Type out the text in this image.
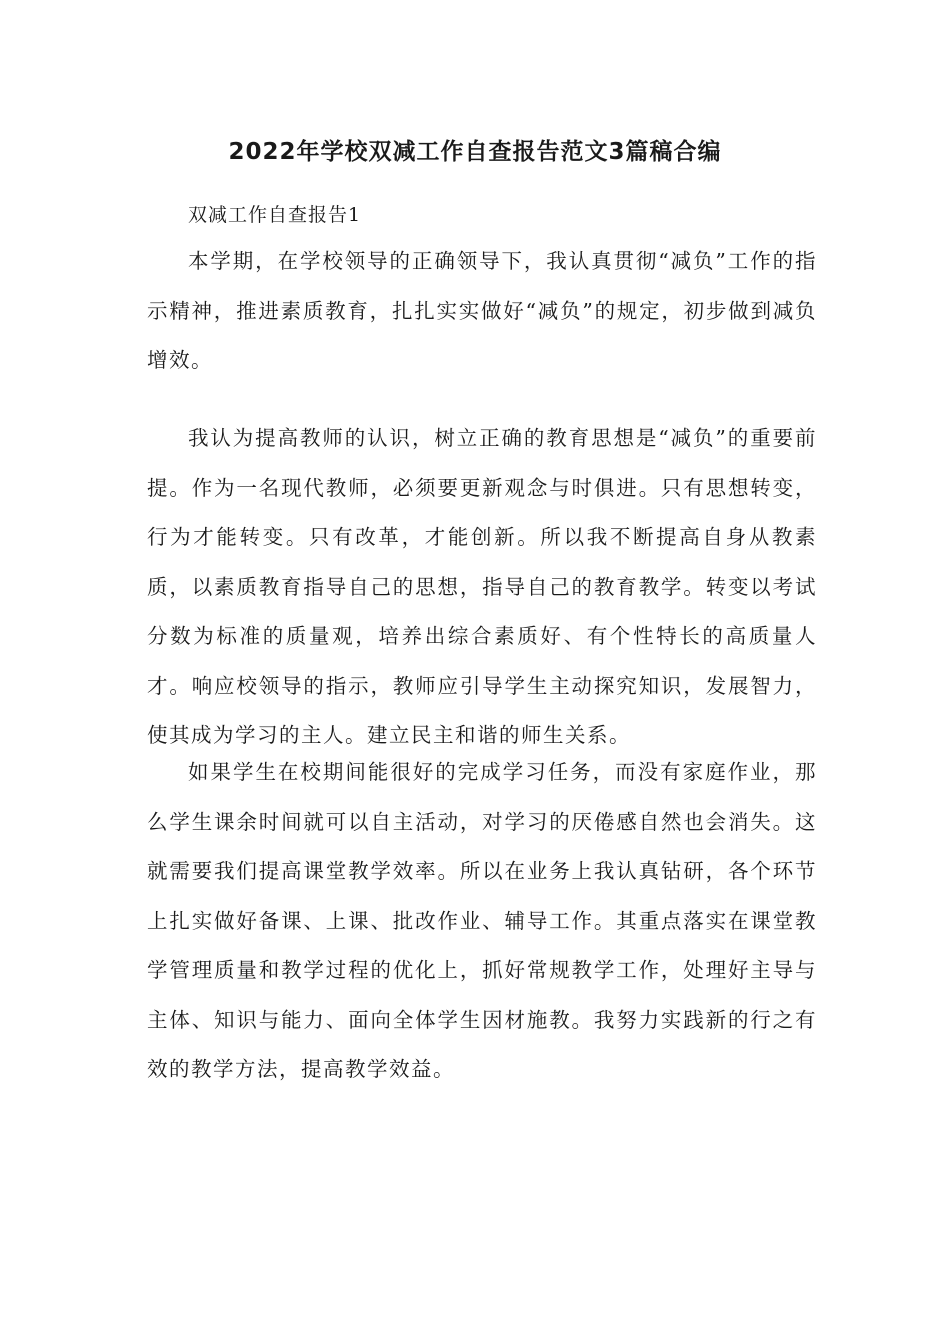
2022年学校双减工作自查报告范文3篇稿合编
双减工作自查报告1

本学期，在学校领导的正确领导下，我认真贯彻“减负”工作的指示精神，推进素质教育，扎扎实实做好“减负”的规定，初步做到减负增效。

我认为提高教师的认识，树立正确的教育思想是“减负”的重要前提。作为一名现代教师，必须要更新观念与时俱进。只有思想转变，行为才能转变。只有改革，才能创新。所以我不断提高自身从教素质，以素质教育指导自己的思想，指导自己的教育教学。转变以考试分数为标准的质量观，培养出综合素质好、有个性特长的高质量人才。响应校领导的指示，教师应引导学生主动探究知识，发展智力，使其成为学习的主人。建立民主和谐的师生关系。

如果学生在校期间能很好的完成学习任务，而没有家庭作业，那么学生课余时间就可以自主活动，对学习的厌倦感自然也会消失。这就需要我们提高课堂教学效率。所以在业务上我认真钻研，各个环节上扎实做好备课、上课、批改作业、辅导工作。其重点落实在课堂教学管理质量和教学过程的优化上，抓好常规教学工作，处理好主导与主体、知识与能力、面向全体学生因材施教。我努力实践新的行之有效的教学方法，提高教学效益。
